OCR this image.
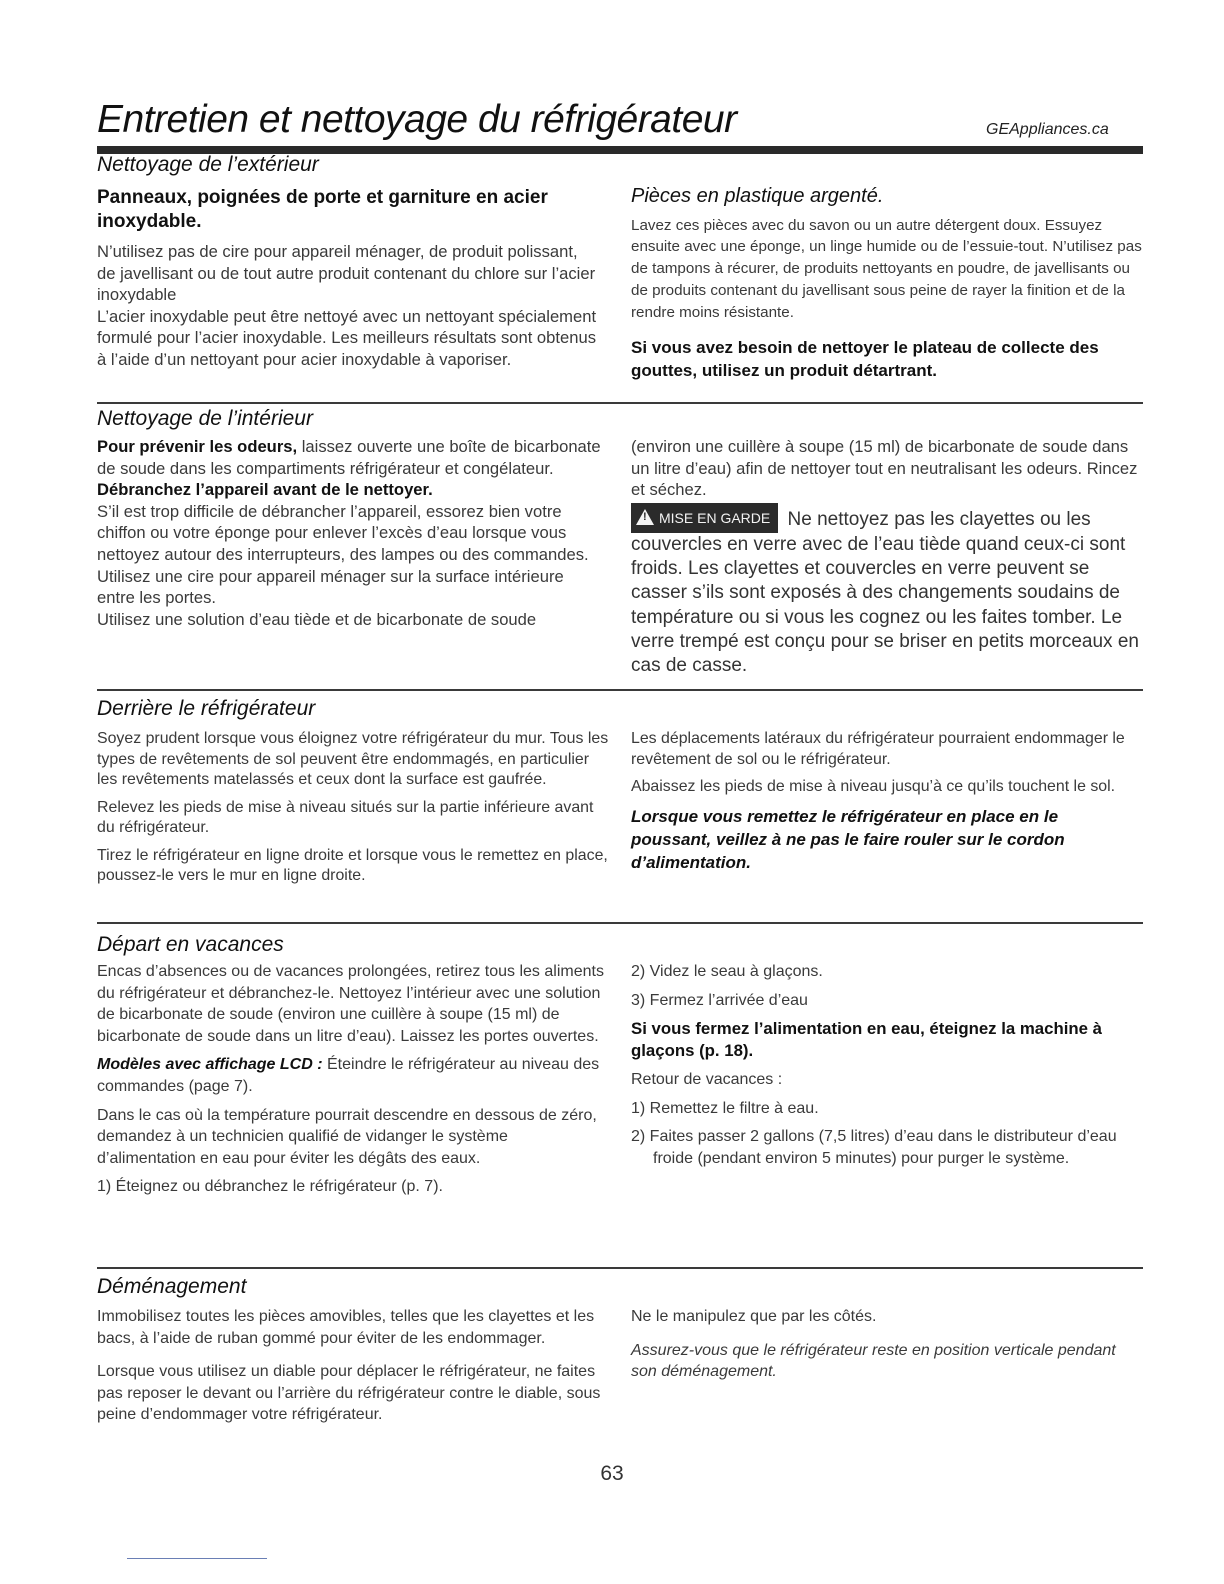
Entretien et nettoyage du réfrigérateur	GEAppliances.ca
Nettoyage de l’extérieur

Panneaux, poignées de porte et garniture en acier inoxydable.

N’utilisez pas de cire pour appareil ménager, de produit polissant, de javellisant ou de tout autre produit contenant du chlore sur l’acier inoxydable

L’acier inoxydable peut être nettoyé avec un nettoyant spécialement formulé pour l’acier inoxydable. Les meilleurs résultats sont obtenus à l’aide d’un nettoyant pour acier inoxydable à vaporiser.

Pièces en plastique argenté.

Lavez ces pièces avec du savon ou un autre détergent doux. Essuyez ensuite avec une éponge, un linge humide ou de l’essuie-tout. N’utilisez pas de tampons à récurer, de produits nettoyants en poudre, de javellisants ou de produits contenant du javellisant sous peine de rayer la finition et de la rendre moins résistante.

Si vous avez besoin de nettoyer le plateau de collecte des gouttes, utilisez un produit détartrant.

Nettoyage de l’intérieur

Pour prévenir les odeurs, laissez ouverte une boîte de bicarbonate de soude dans les compartiments réfrigérateur et congélateur.

Débranchez l’appareil avant de le nettoyer.

S’il est trop difficile de débrancher l’appareil, essorez bien votre chiffon ou votre éponge pour enlever l’excès d’eau lorsque vous nettoyez autour des interrupteurs, des lampes ou des commandes. Utilisez une cire pour appareil ménager sur la surface intérieure entre les portes.

Utilisez une solution d’eau tiède et de bicarbonate de soude

(environ une cuillère à soupe (15 ml) de bicarbonate de soude dans un litre d’eau) afin de nettoyer tout en neutralisant les odeurs. Rincez et séchez.

! MISE EN GARDE Ne nettoyez pas les clayettes ou les couvercles en verre avec de l’eau tiède quand ceux-ci sont froids. Les clayettes et couvercles en verre peuvent se casser s’ils sont exposés à des changements soudains de température ou si vous les cognez ou les faites tomber. Le verre trempé est conçu pour se briser en petits morceaux en cas de casse.

Derrière le réfrigérateur

Soyez prudent lorsque vous éloignez votre réfrigérateur du mur. Tous les types de revêtements de sol peuvent être endommagés, en particulier les revêtements matelassés et ceux dont la surface est gaufrée.

Relevez les pieds de mise à niveau situés sur la partie inférieure avant du réfrigérateur.

Tirez le réfrigérateur en ligne droite et lorsque vous le remettez en place, poussez-le vers le mur en ligne droite.

Les déplacements latéraux du réfrigérateur pourraient endommager le revêtement de sol ou le réfrigérateur.

Abaissez les pieds de mise à niveau jusqu’à ce qu’ils touchent le sol.

Lorsque vous remettez le réfrigérateur en place en le poussant, veillez à ne pas le faire rouler sur le cordon d’alimentation.

Départ en vacances

Encas d’absences ou de vacances prolongées, retirez tous les aliments du réfrigérateur et débranchez-le. Nettoyez l’intérieur avec une solution de bicarbonate de soude (environ une cuillère à soupe (15 ml) de bicarbonate de soude dans un litre d’eau). Laissez les portes ouvertes.

Modèles avec affichage LCD : Éteindre le réfrigérateur au niveau des commandes (page 7).

Dans le cas où la température pourrait descendre en dessous de zéro, demandez à un technicien qualifié de vidanger le système d’alimentation en eau pour éviter les dégâts des eaux.

1) Éteignez ou débranchez le réfrigérateur (p. 7).

2) Videz le seau à glaçons.

3) Fermez l’arrivée d’eau

Si vous fermez l’alimentation en eau, éteignez la machine à glaçons (p. 18).

Retour de vacances :

1) Remettez le filtre à eau.

2) Faites passer 2 gallons (7,5 litres) d’eau dans le distributeur d’eau froide (pendant environ 5 minutes) pour purger le système.

Déménagement

Immobilisez toutes les pièces amovibles, telles que les clayettes et les bacs, à l’aide de ruban gommé pour éviter de les endommager.

Lorsque vous utilisez un diable pour déplacer le réfrigérateur, ne faites pas reposer le devant ou l’arrière du réfrigérateur contre le diable, sous peine d’endommager votre réfrigérateur.

Ne le manipulez que par les côtés.

Assurez-vous que le réfrigérateur reste en position verticale pendant son déménagement.

63
